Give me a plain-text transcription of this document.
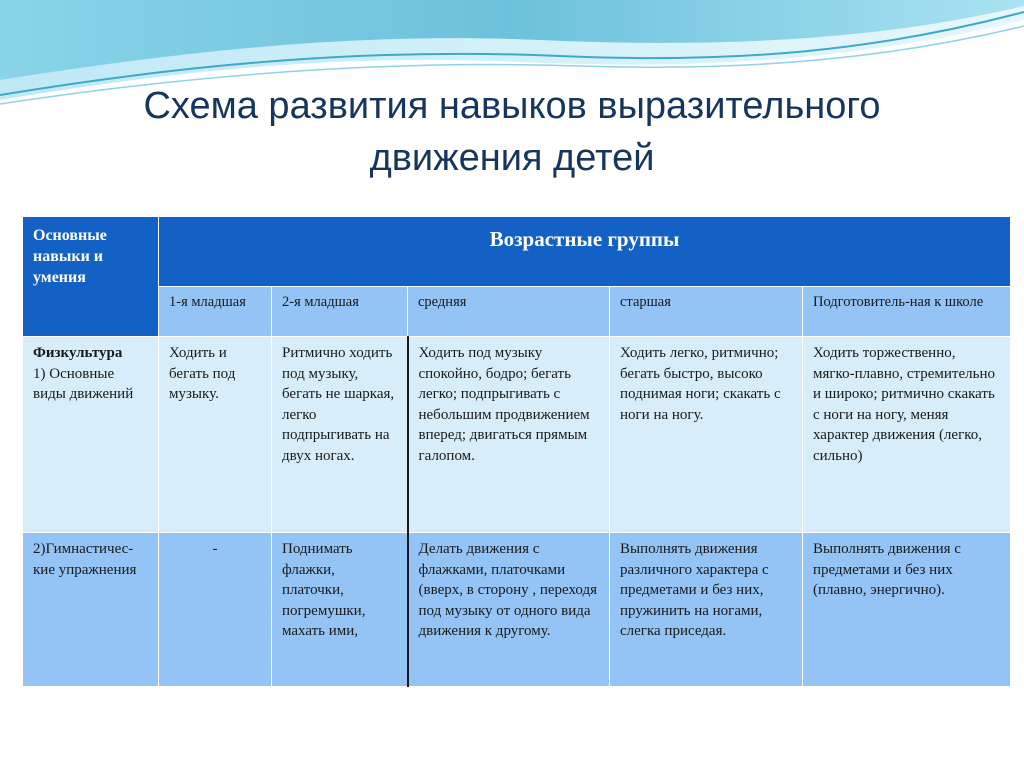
Схема развития навыков выразительного
движения детей
Основные навыки и умения	Возрастные группы				
	1-я младшая	2-я младшая	средняя	старшая	Подготовитель-ная к школе
Физкультура
1) Основные виды движений	Ходить и бегать под музыку.	Ритмично ходить под музыку, бегать не шаркая, легко подпрыгивать на двух ногах.	Ходить под музыку спокойно, бодро; бегать легко; подпрыгивать с небольшим продвижением вперед; двигаться прямым галопом.	Ходить легко, ритмично; бегать быстро, высоко поднимая ноги; скакать с ноги на ногу.	Ходить торжественно, мягко-плавно, стремительно и широко; ритмично скакать с ноги на ногу, меняя характер движения (легко, сильно)
2)Гимнастичес-кие упражнения	-	Поднимать флажки, платочки, погремушки, махать ими,	Делать движения с флажками, платочками (вверх, в сторону , переходя под музыку от одного вида движения к другому.	Выполнять движения различного характера с предметами и без них, пружинить на ногами, слегка приседая.	Выполнять движения с предметами и без них (плавно, энергично).
